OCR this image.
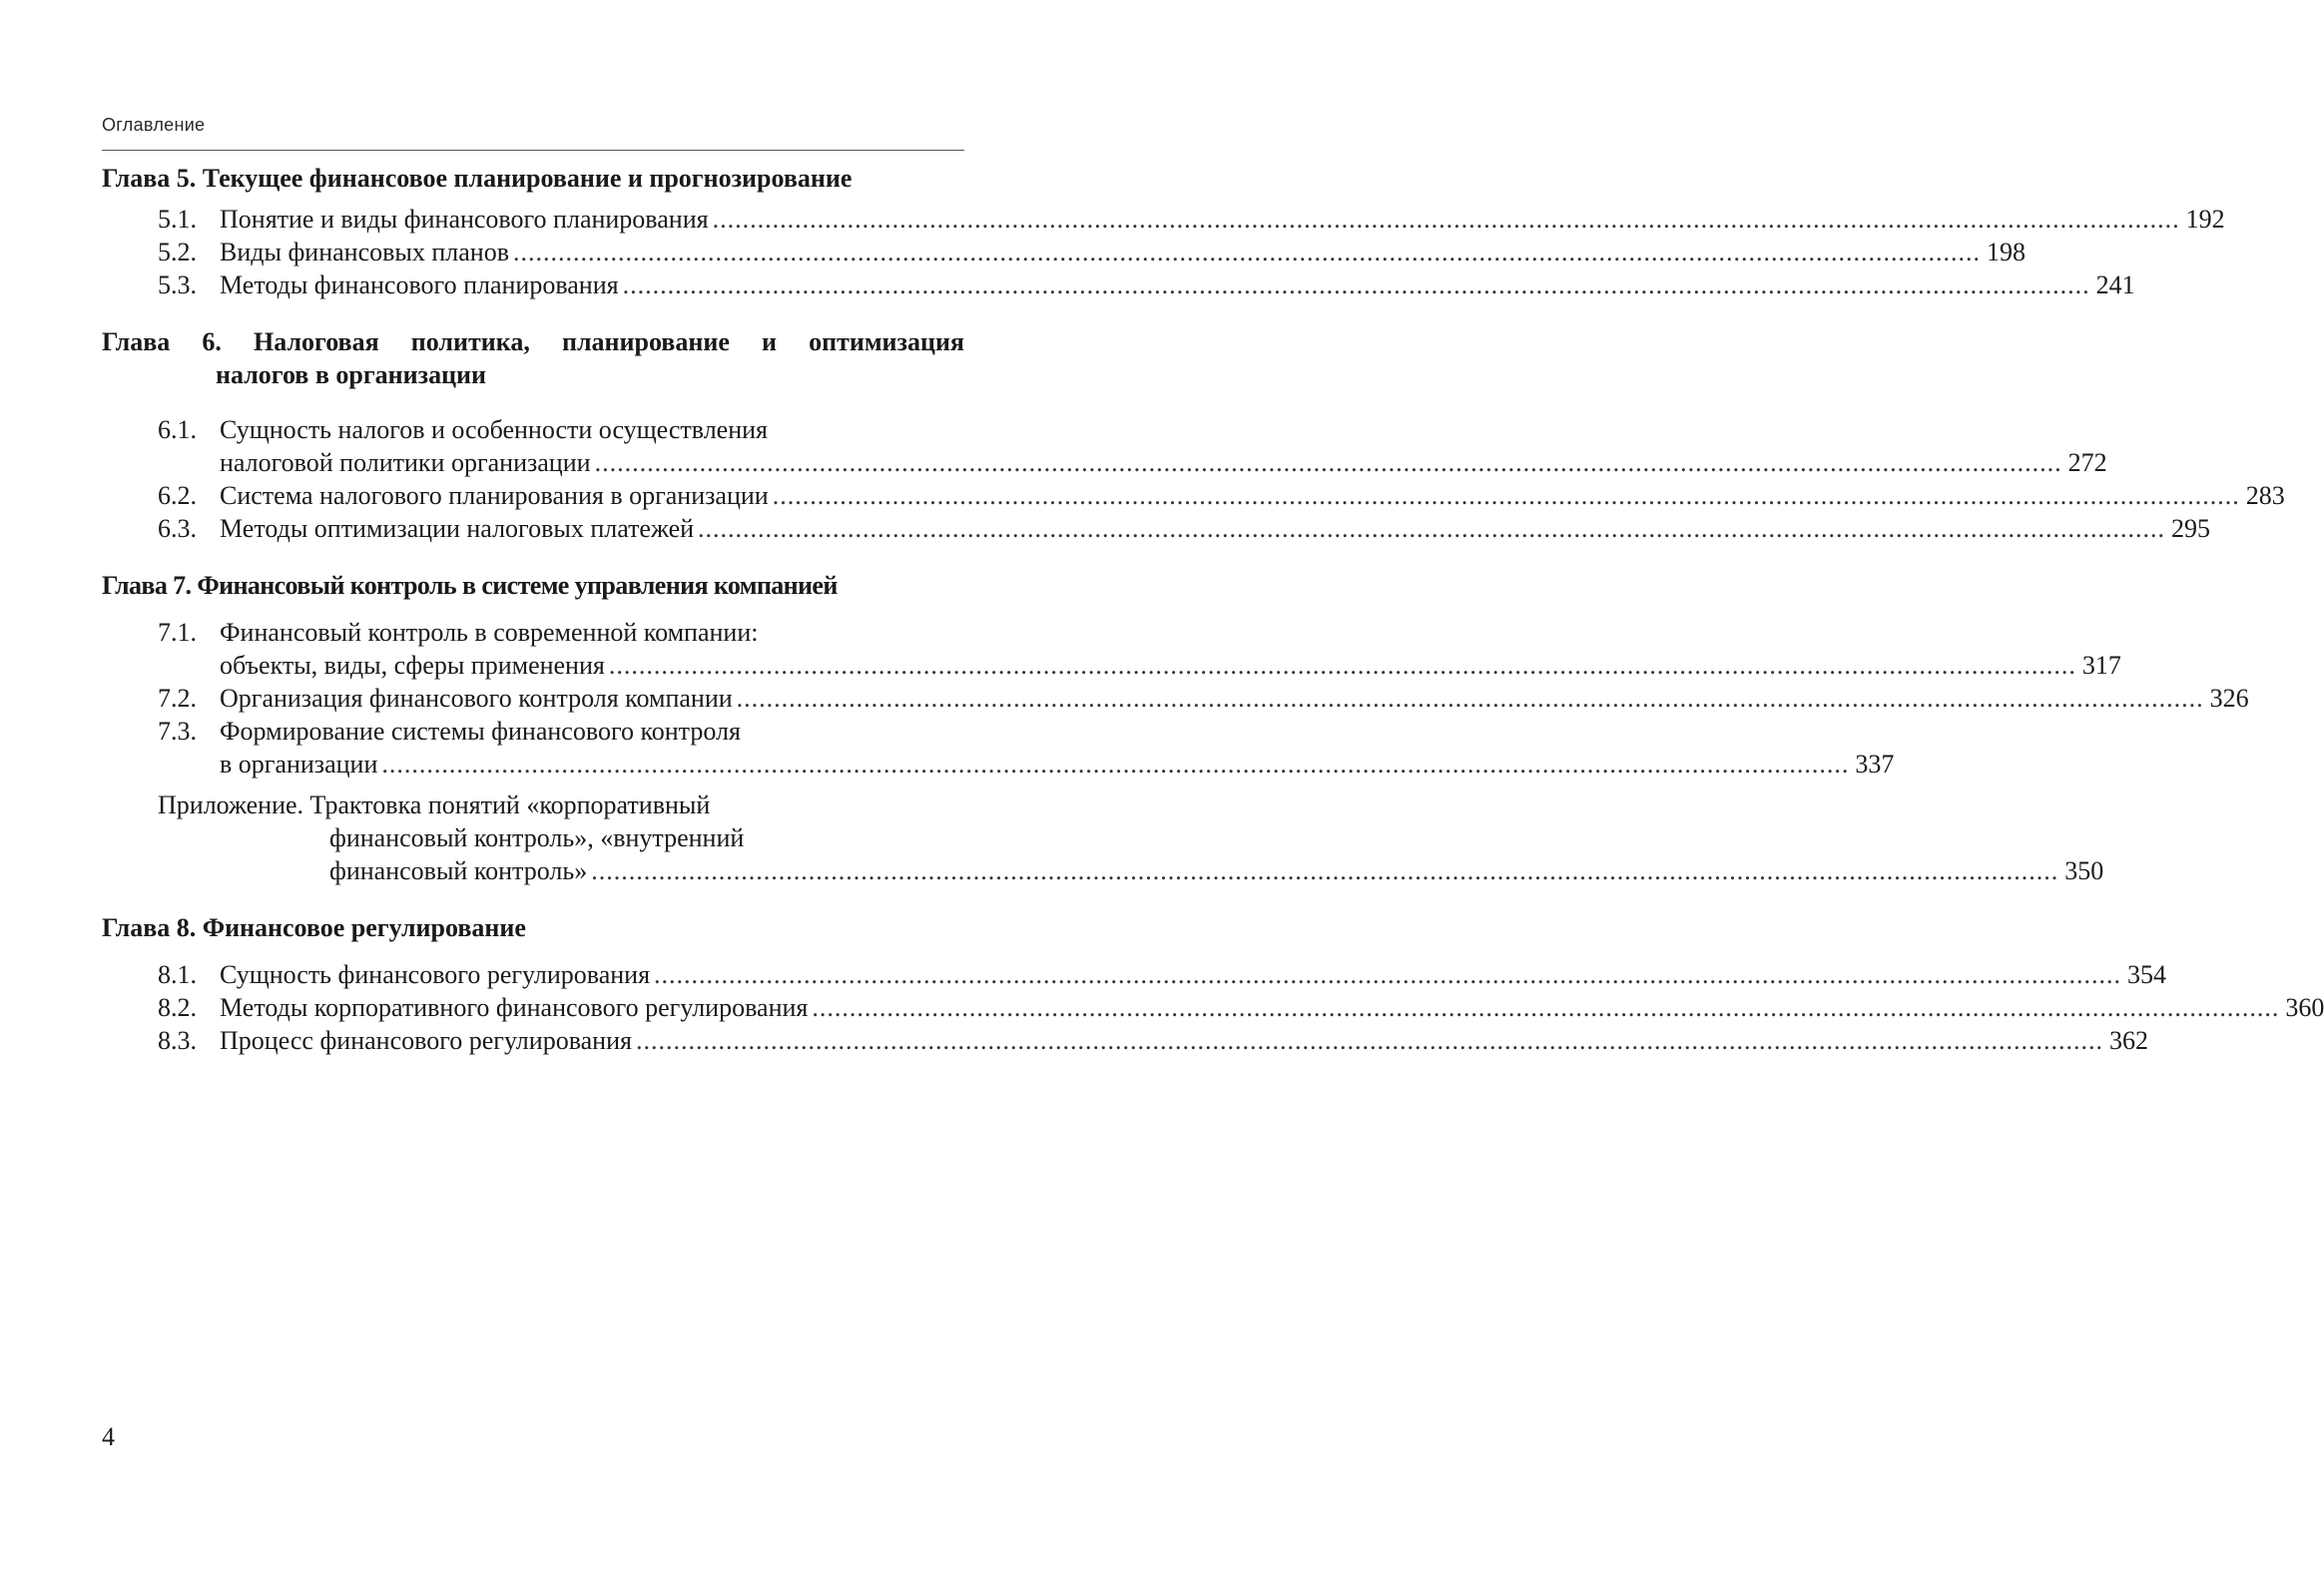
Оглавление
Глава 5. Текущее финансовое планирование и прогнозирование
5.1. Понятие и виды финансового планирования .....	192
5.2. Виды финансовых планов .....	198
5.3. Методы финансового планирования .....	241
Глава 6. Налоговая политика, планирование и оптимизация
налогов в организации
6.1. Сущность налогов и особенности осуществления
налоговой политики организации .....	272
6.2. Система налогового планирования в организации .....	283
6.3. Методы оптимизации налоговых платежей .....	295
Глава 7. Финансовый контроль в системе управления компанией
7.1. Финансовый контроль в современной компании:
объекты, виды, сферы применения .....	317
7.2. Организация финансового контроля компании .....	326
7.3. Формирование системы финансового контроля
в организации .....	337
Приложение. Трактовка понятий «корпоративный
финансовый контроль», «внутренний
финансовый контроль» .....	350
Глава 8. Финансовое регулирование
8.1. Сущность финансового регулирования .....	354
8.2. Методы корпоративного финансового регулирования .....	360
8.3. Процесс финансового регулирования .....	362
4
